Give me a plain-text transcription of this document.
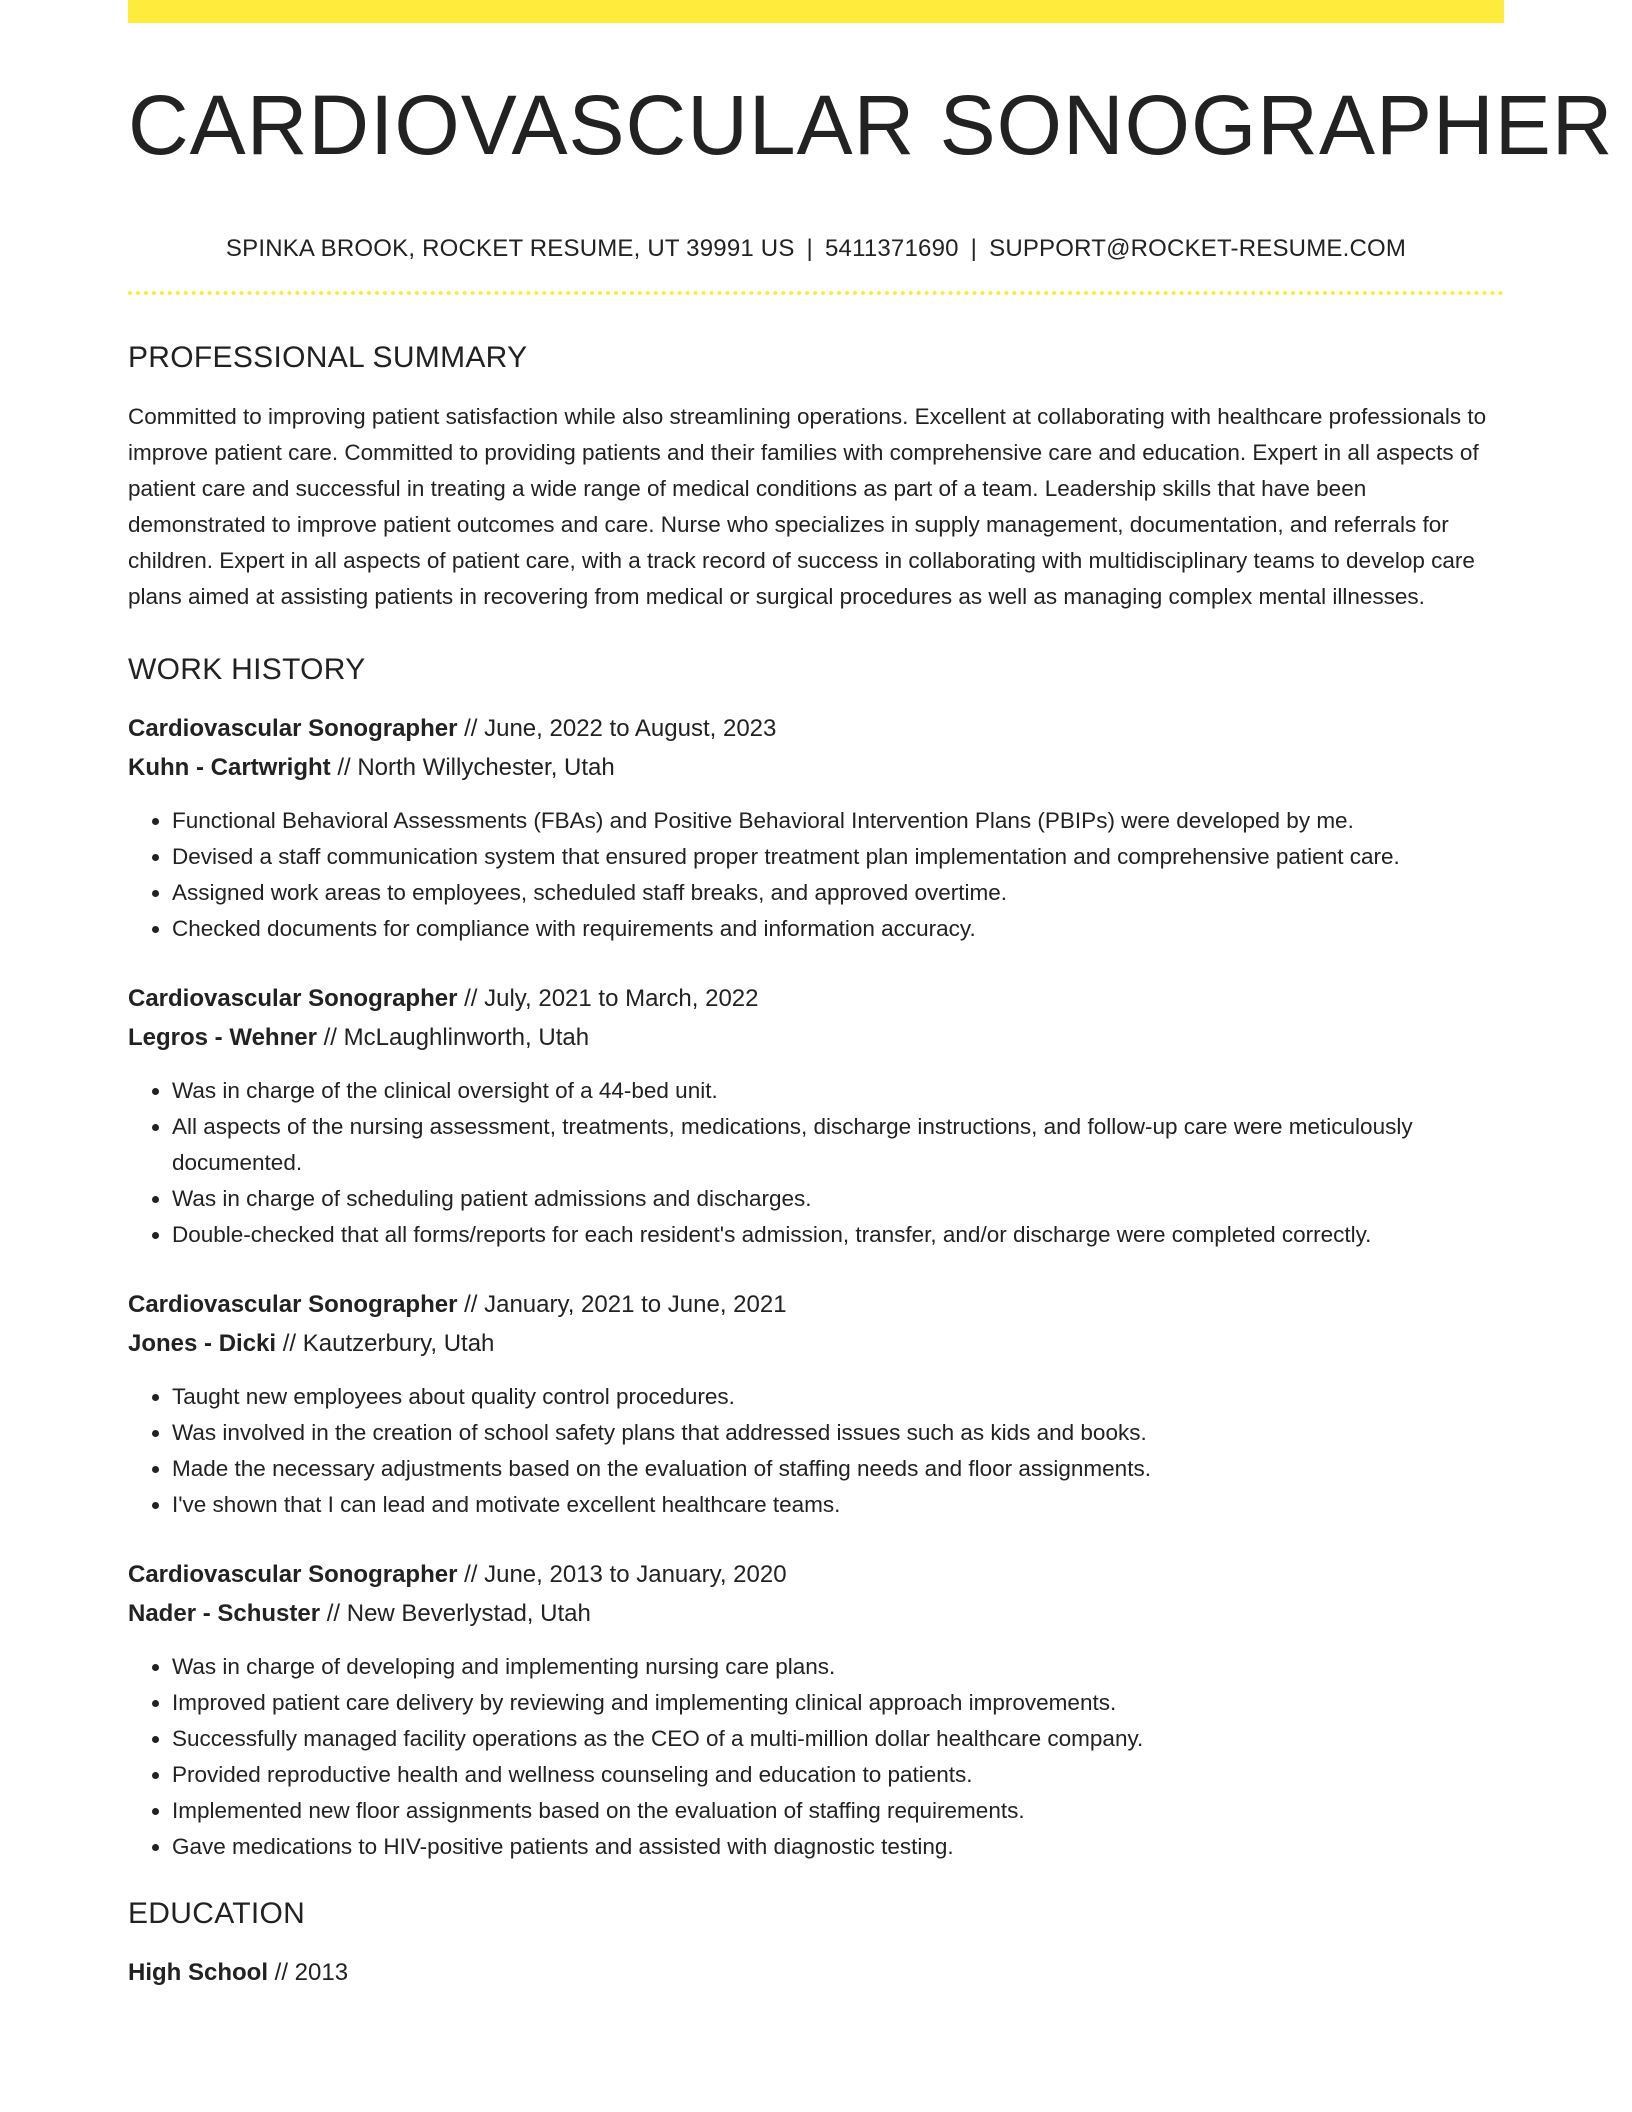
CARDIOVASCULAR SONOGRAPHER
SPINKA BROOK, ROCKET RESUME, UT 39991 US | 5411371690 | SUPPORT@ROCKET-RESUME.COM
PROFESSIONAL SUMMARY
Committed to improving patient satisfaction while also streamlining operations. Excellent at collaborating with healthcare professionals to improve patient care. Committed to providing patients and their families with comprehensive care and education. Expert in all aspects of patient care and successful in treating a wide range of medical conditions as part of a team. Leadership skills that have been demonstrated to improve patient outcomes and care. Nurse who specializes in supply management, documentation, and referrals for children. Expert in all aspects of patient care, with a track record of success in collaborating with multidisciplinary teams to develop care plans aimed at assisting patients in recovering from medical or surgical procedures as well as managing complex mental illnesses.
WORK HISTORY
Cardiovascular Sonographer // June, 2022 to August, 2023
Kuhn - Cartwright // North Willychester, Utah
• Functional Behavioral Assessments (FBAs) and Positive Behavioral Intervention Plans (PBIPs) were developed by me.
• Devised a staff communication system that ensured proper treatment plan implementation and comprehensive patient care.
• Assigned work areas to employees, scheduled staff breaks, and approved overtime.
• Checked documents for compliance with requirements and information accuracy.
Cardiovascular Sonographer // July, 2021 to March, 2022
Legros - Wehner // McLaughlinworth, Utah
• Was in charge of the clinical oversight of a 44-bed unit.
• All aspects of the nursing assessment, treatments, medications, discharge instructions, and follow-up care were meticulously documented.
• Was in charge of scheduling patient admissions and discharges.
• Double-checked that all forms/reports for each resident's admission, transfer, and/or discharge were completed correctly.
Cardiovascular Sonographer // January, 2021 to June, 2021
Jones - Dicki // Kautzerbury, Utah
• Taught new employees about quality control procedures.
• Was involved in the creation of school safety plans that addressed issues such as kids and books.
• Made the necessary adjustments based on the evaluation of staffing needs and floor assignments.
• I've shown that I can lead and motivate excellent healthcare teams.
Cardiovascular Sonographer // June, 2013 to January, 2020
Nader - Schuster // New Beverlystad, Utah
• Was in charge of developing and implementing nursing care plans.
• Improved patient care delivery by reviewing and implementing clinical approach improvements.
• Successfully managed facility operations as the CEO of a multi-million dollar healthcare company.
• Provided reproductive health and wellness counseling and education to patients.
• Implemented new floor assignments based on the evaluation of staffing requirements.
• Gave medications to HIV-positive patients and assisted with diagnostic testing.
EDUCATION
High School // 2013
